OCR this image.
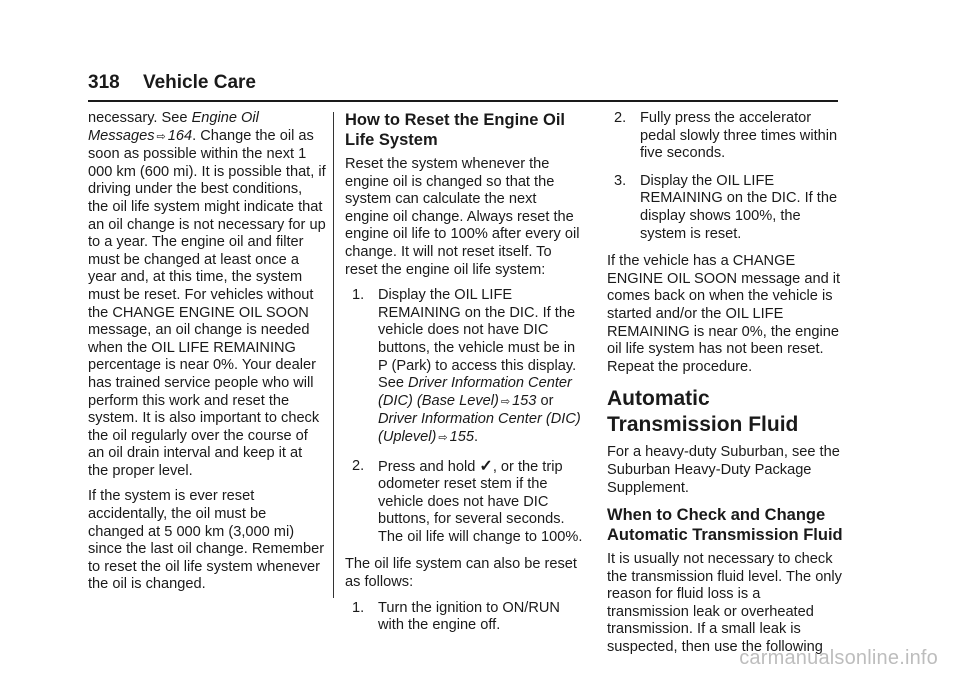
318 Vehicle Care

necessary. See Engine Oil Messages ⇨ 164. Change the oil as soon as possible within the next 1 000 km (600 mi). It is possible that, if driving under the best conditions, the oil life system might indicate that an oil change is not necessary for up to a year. The engine oil and filter must be changed at least once a year and, at this time, the system must be reset. For vehicles without the CHANGE ENGINE OIL SOON message, an oil change is needed when the OIL LIFE REMAINING percentage is near 0%. Your dealer has trained service people who will perform this work and reset the system. It is also important to check the oil regularly over the course of an oil drain interval and keep it at the proper level.

If the system is ever reset accidentally, the oil must be changed at 5 000 km (3,000 mi) since the last oil change. Remember to reset the oil life system whenever the oil is changed.

How to Reset the Engine Oil Life System

Reset the system whenever the engine oil is changed so that the system can calculate the next engine oil change. Always reset the engine oil life to 100% after every oil change. It will not reset itself. To reset the engine oil life system:

1. Display the OIL LIFE REMAINING on the DIC. If the vehicle does not have DIC buttons, the vehicle must be in P (Park) to access this display. See Driver Information Center (DIC) (Base Level) ⇨ 153 or Driver Information Center (DIC) (Uplevel) ⇨ 155.
2. Press and hold ✓, or the trip odometer reset stem if the vehicle does not have DIC buttons, for several seconds. The oil life will change to 100%.

The oil life system can also be reset as follows:

1. Turn the ignition to ON/RUN with the engine off.
2. Fully press the accelerator pedal slowly three times within five seconds.
3. Display the OIL LIFE REMAINING on the DIC. If the display shows 100%, the system is reset.

If the vehicle has a CHANGE ENGINE OIL SOON message and it comes back on when the vehicle is started and/or the OIL LIFE REMAINING is near 0%, the engine oil life system has not been reset. Repeat the procedure.

Automatic Transmission Fluid

For a heavy-duty Suburban, see the Suburban Heavy-Duty Package Supplement.

When to Check and Change Automatic Transmission Fluid

It is usually not necessary to check the transmission fluid level. The only reason for fluid loss is a transmission leak or overheated transmission. If a small leak is suspected, then use the following

carmanualsonline.info
